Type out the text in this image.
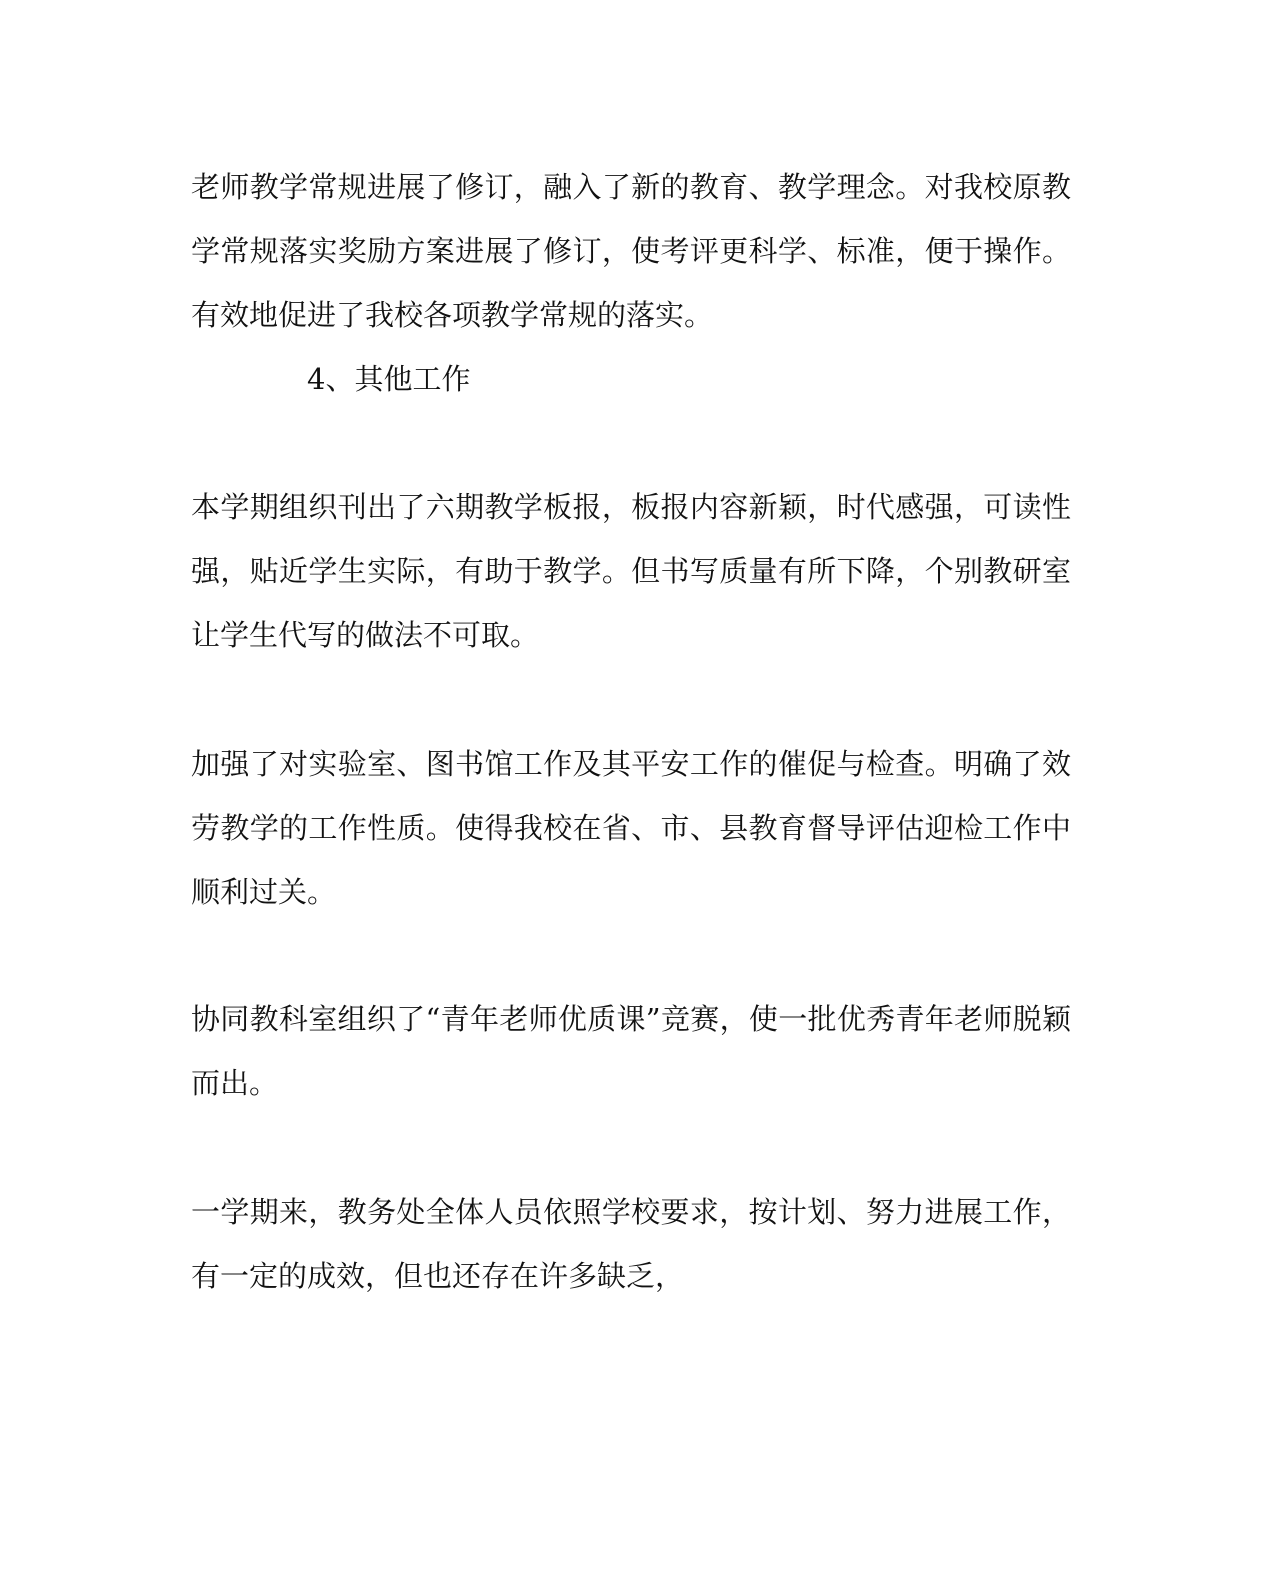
老师教学常规进展了修订，融入了新的教育、教学理念。对我校原教
学常规落实奖励方案进展了修订，使考评更科学、标准，便于操作。
有效地促进了我校各项教学常规的落实。

4、其他工作

本学期组织刊出了六期教学板报，板报内容新颖，时代感强，可读性
强，贴近学生实际，有助于教学。但书写质量有所下降，个别教研室
让学生代写的做法不可取。

加强了对实验室、图书馆工作及其平安工作的催促与检查。明确了效
劳教学的工作性质。使得我校在省、市、县教育督导评估迎检工作中
顺利过关。

协同教科室组织了“青年老师优质课”竞赛，使一批优秀青年老师脱颖
而出。

一学期来，教务处全体人员依照学校要求，按计划、努力进展工作，
有一定的成效，但也还存在许多缺乏，
